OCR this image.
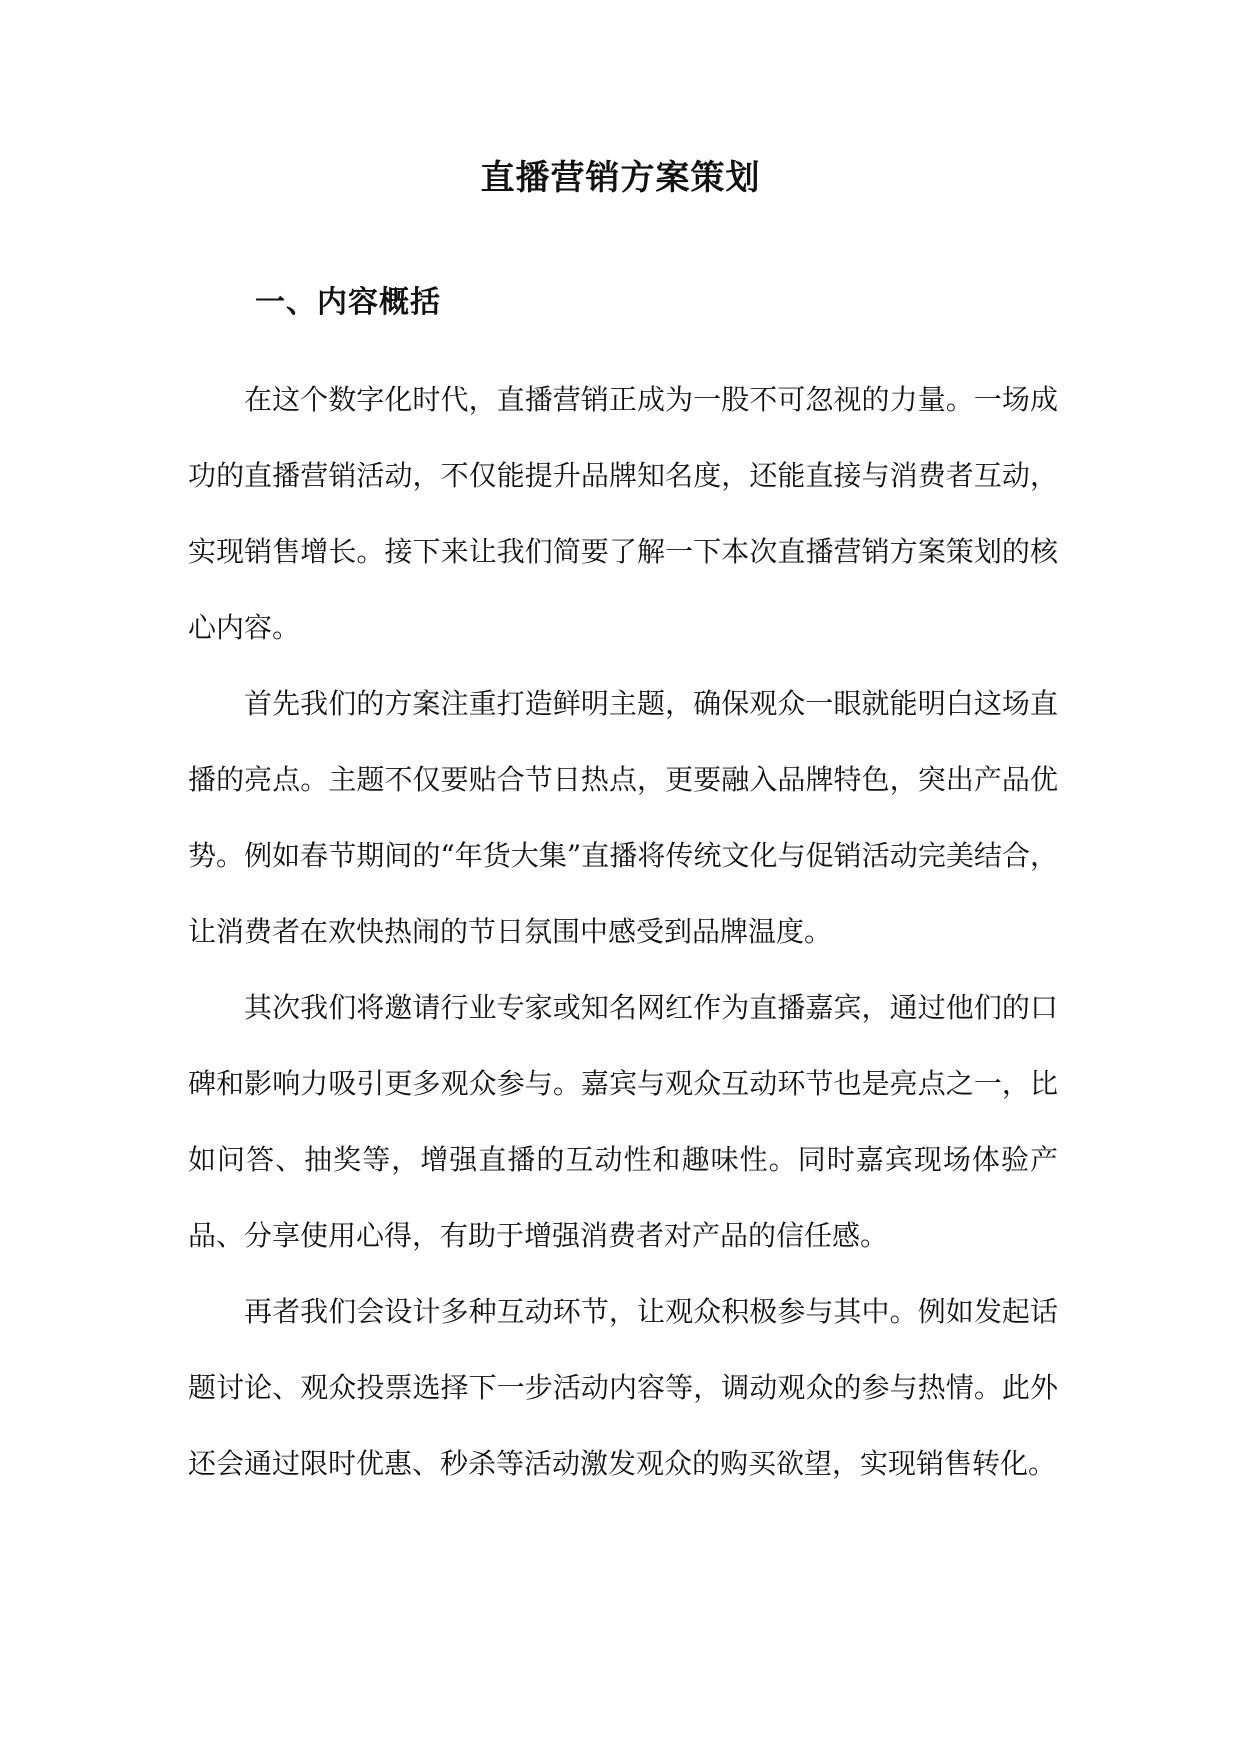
直播营销方案策划
一、内容概括

在这个数字化时代，直播营销正成为一股不可忽视的力量。一场成功的直播营销活动，不仅能提升品牌知名度，还能直接与消费者互动，实现销售增长。接下来让我们简要了解一下本次直播营销方案策划的核心内容。

首先我们的方案注重打造鲜明主题，确保观众一眼就能明白这场直播的亮点。主题不仅要贴合节日热点，更要融入品牌特色，突出产品优势。例如春节期间的“年货大集”直播将传统文化与促销活动完美结合，让消费者在欢快热闹的节日氛围中感受到品牌温度。

其次我们将邀请行业专家或知名网红作为直播嘉宾，通过他们的口碑和影响力吸引更多观众参与。嘉宾与观众互动环节也是亮点之一，比如问答、抽奖等，增强直播的互动性和趣味性。同时嘉宾现场体验产品、分享使用心得，有助于增强消费者对产品的信任感。

再者我们会设计多种互动环节，让观众积极参与其中。例如发起话题讨论、观众投票选择下一步活动内容等，调动观众的参与热情。此外还会通过限时优惠、秒杀等活动激发观众的购买欲望，实现销售转化。
